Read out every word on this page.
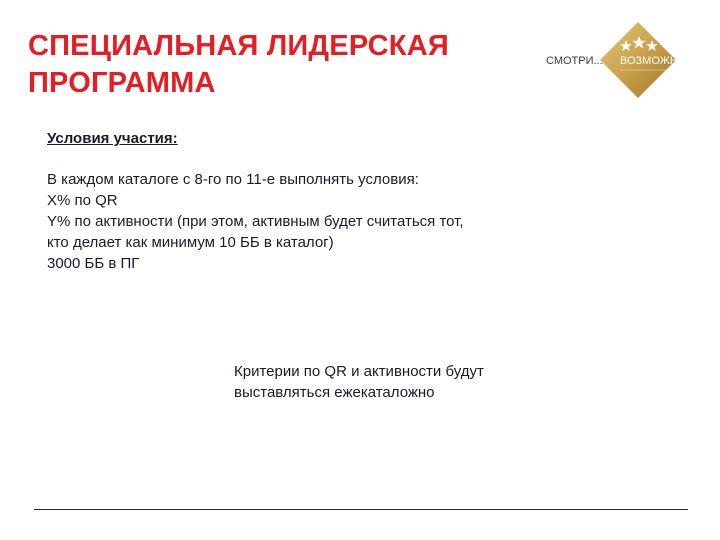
СПЕЦИАЛЬНАЯ ЛИДЕРСКАЯ
ПРОГРАММА
СМОТРИ... ВОЗМОЖНО
Условия участия:
В каждом каталоге с 8-го по 11-е выполнять условия:
X% по QR
Y% по активности (при этом, активным будет считаться тот,
кто делает как минимум 10 ББ в каталог)
3000 ББ в ПГ
Критерии по QR и активности будут
выставляться ежекаталожно
